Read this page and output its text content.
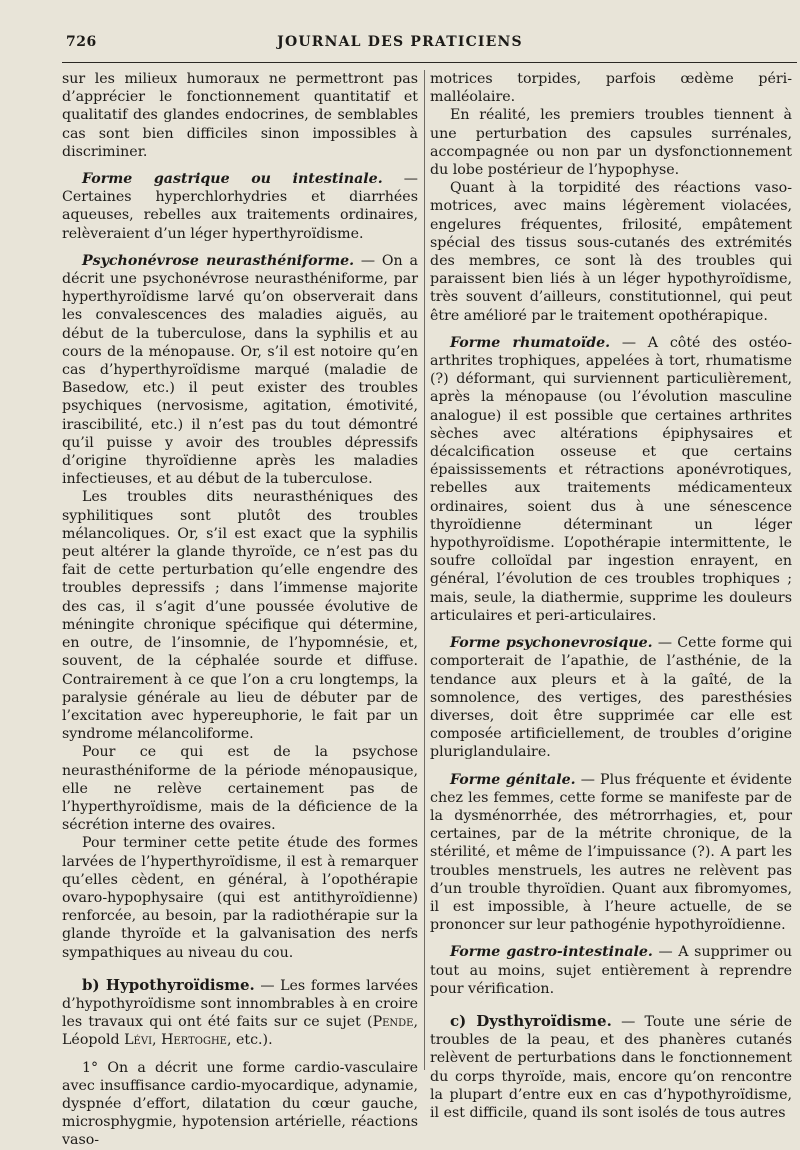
726	JOURNAL DES PRATICIENS

sur les milieux humoraux ne permettront pas d’apprécier le fonctionnement quantitatif et qualitatif des glandes endocrines, de semblables cas sont bien difficiles sinon impossibles à discriminer.

Forme gastrique ou intestinale. — Certaines hyperchlorhydries et diarrhées aqueuses, rebelles aux traitements ordinaires, relèveraient d’un léger hyperthyroïdisme.

Psychonévrose neurasthéniforme. — On a décrit une psychonévrose neurasthéniforme, par hyperthyroïdisme larvé qu’on observerait dans les convalescences des maladies aiguës, au début de la tuberculose, dans la syphilis et au cours de la ménopause. Or, s’il est notoire qu’en cas d’hyperthyroïdisme marqué (maladie de Basedow, etc.) il peut exister des troubles psychiques (nervosisme, agitation, émotivité, irascibilité, etc.) il n’est pas du tout démontré qu’il puisse y avoir des troubles dépressifs d’origine thyroïdienne après les maladies infectieuses, et au début de la tuberculose.

Les troubles dits neurasthéniques des syphilitiques sont plutôt des troubles mélancoliques. Or, s’il est exact que la syphilis peut altérer la glande thyroïde, ce n’est pas du fait de cette perturbation qu’elle engendre des troubles depressifs ; dans l’immense majorite des cas, il s’agit d’une poussée évolutive de méningite chronique spécifique qui détermine, en outre, de l’insomnie, de l’hypomnésie, et, souvent, de la céphalée sourde et diffuse. Contrairement à ce que l’on a cru longtemps, la paralysie générale au lieu de débuter par de l’excitation avec hypereuphorie, le fait par un syndrome mélancoliforme.

Pour ce qui est de la psychose neurasthéniforme de la période ménopausique, elle ne relève certainement pas de l’hyperthyroïdisme, mais de la déficience de la sécrétion interne des ovaires.

Pour terminer cette petite étude des formes larvées de l’hyperthyroïdisme, il est à remarquer qu’elles cèdent, en général, à l’opothérapie ovaro-hypophysaire (qui est antithyroïdienne) renforcée, au besoin, par la radiothérapie sur la glande thyroïde et la galvanisation des nerfs sympathiques au niveau du cou.

b) Hypothyroïdisme. — Les formes larvées d’hypothyroïdisme sont innombrables à en croire les travaux qui ont été faits sur ce sujet (Pende, Léopold Lévi, Hertoghe, etc.).

1° On a décrit une forme cardio-vasculaire avec insuffisance cardio-myocardique, adynamie, dyspnée d’effort, dilatation du cœur gauche, microsphygmie, hypotension artérielle, réactions vaso-

motrices torpides, parfois œdème péri-malléolaire.

En réalité, les premiers troubles tiennent à une perturbation des capsules surrénales, accompagnée ou non par un dysfonctionnement du lobe postérieur de l’hypophyse.

Quant à la torpidité des réactions vaso-motrices, avec mains légèrement violacées, engelures fréquentes, frilosité, empâtement spécial des tissus sous-cutanés des extrémités des membres, ce sont là des troubles qui paraissent bien liés à un léger hypothyroïdisme, très souvent d’ailleurs, constitutionnel, qui peut être amélioré par le traitement opothérapique.

Forme rhumatoïde. — A côté des ostéo-arthrites trophiques, appelées à tort, rhumatisme (?) déformant, qui surviennent particulièrement, après la ménopause (ou l’évolution masculine analogue) il est possible que certaines arthrites sèches avec altérations épiphysaires et décalcification osseuse et que certains épaississements et rétractions aponévrotiques, rebelles aux traitements médicamenteux ordinaires, soient dus à une sénescence thyroïdienne déterminant un léger hypothyroïdisme. L’opothérapie intermittente, le soufre colloïdal par ingestion enrayent, en général, l’évolution de ces troubles trophiques ; mais, seule, la diathermie, supprime les douleurs articulaires et peri-articulaires.

Forme psychonevrosique. — Cette forme qui comporterait de l’apathie, de l’asthénie, de la tendance aux pleurs et à la gaîté, de la somnolence, des vertiges, des paresthésies diverses, doit être supprimée car elle est composée artificiellement, de troubles d’origine pluriglandulaire.

Forme génitale. — Plus fréquente et évidente chez les femmes, cette forme se manifeste par de la dysménorrhée, des métrorrhagies, et, pour certaines, par de la métrite chronique, de la stérilité, et même de l’impuissance (?). A part les troubles menstruels, les autres ne relèvent pas d’un trouble thyroïdien. Quant aux fibromyomes, il est impossible, à l’heure actuelle, de se prononcer sur leur pathogénie hypothyroïdienne.

Forme gastro-intestinale. — A supprimer ou tout au moins, sujet entièrement à reprendre pour vérification.

c) Dysthyroïdisme. — Toute une série de troubles de la peau, et des phanères cutanés relèvent de perturbations dans le fonctionnement du corps thyroïde, mais, encore qu’on rencontre la plupart d’entre eux en cas d’hypothyroïdisme, il est difficile, quand ils sont isolés de tous autres
